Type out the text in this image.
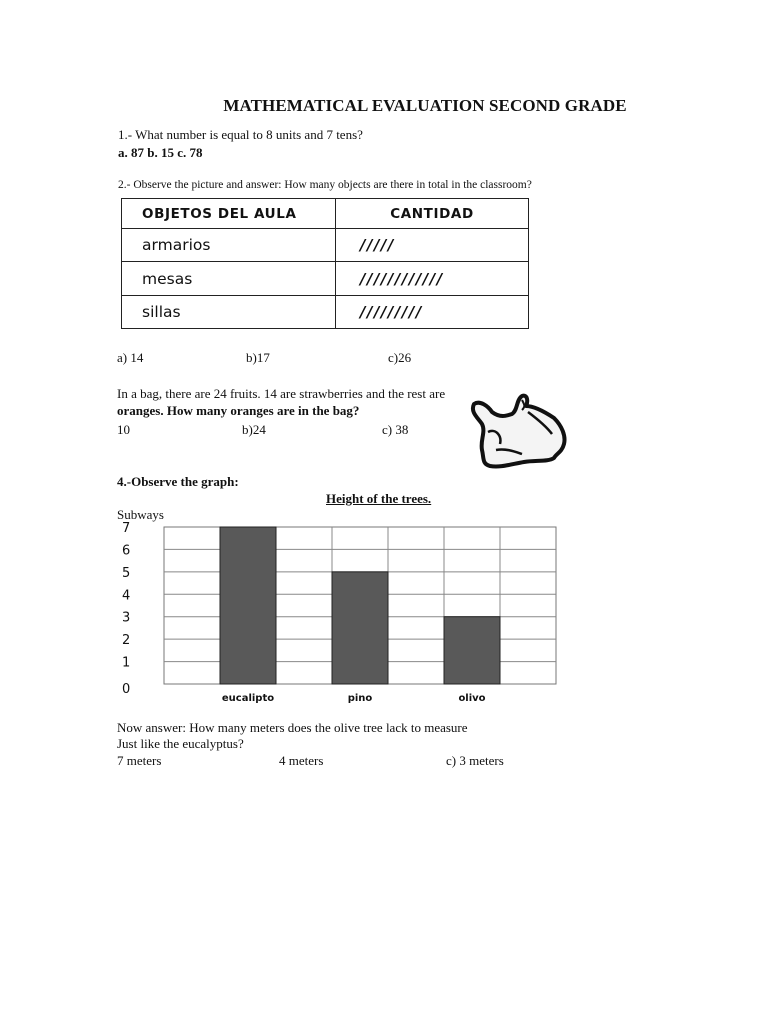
MATHEMATICAL EVALUATION SECOND GRADE
1.- What number is equal to 8 units and 7 tens?
a. 87 b. 15 c. 78
2.- Observe the picture and answer: How many objects are there in total in the classroom?
OBJETOS DEL AULA	CANTIDAD
armarios	/////
mesas	////////////
sillas	/////////
a) 14	b)17	c)26
In a bag, there are 24 fruits. 14 are strawberries and the rest are
oranges. How many oranges are in the bag?
10	b)24	c) 38
4.-Observe the graph:
Height of the trees.
Subways
0
1
2
3
4
5
6
7
eucalipto	pino	olivo
Now answer: How many meters does the olive tree lack to measure
Just like the eucalyptus?
7 meters	4 meters	c) 3 meters
